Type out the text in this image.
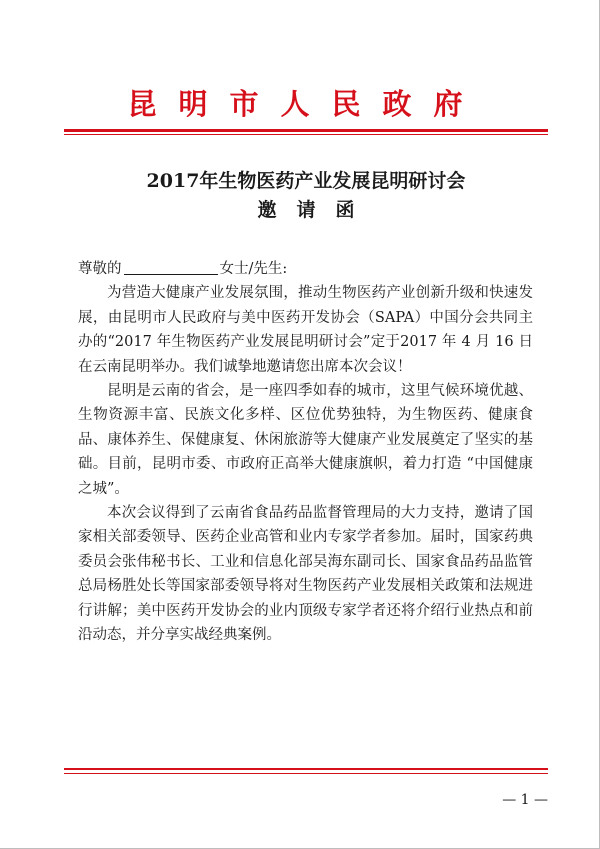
昆明市人民政府
2017年生物医药产业发展昆明研讨会
邀请函

尊敬的	女士/先生:

为营造大健康产业发展氛围，推动生物医药产业创新升级和快速发展，由昆明市人民政府与美中医药开发协会（SAPA）中国分会共同主办的“2017 年生物医药产业发展昆明研讨会”定于2017 年 4 月 16 日在云南昆明举办。我们诚挚地邀请您出席本次会议！

昆明是云南的省会，是一座四季如春的城市，这里气候环境优越、生物资源丰富、民族文化多样、区位优势独特，为生物医药、健康食品、康体养生、保健康复、休闲旅游等大健康产业发展奠定了坚实的基础。目前，昆明市委、市政府正高举大健康旗帜，着力打造 “中国健康之城”。

本次会议得到了云南省食品药品监督管理局的大力支持，邀请了国家相关部委领导、医药企业高管和业内专家学者参加。届时，国家药典委员会张伟秘书长、工业和信息化部吴海东副司长、国家食品药品监管总局杨胜处长等国家部委领导将对生物医药产业发展相关政策和法规进行讲解；美中医药开发协会的业内顶级专家学者还将介绍行业热点和前沿动态，并分享实战经典案例。

— 1 —
